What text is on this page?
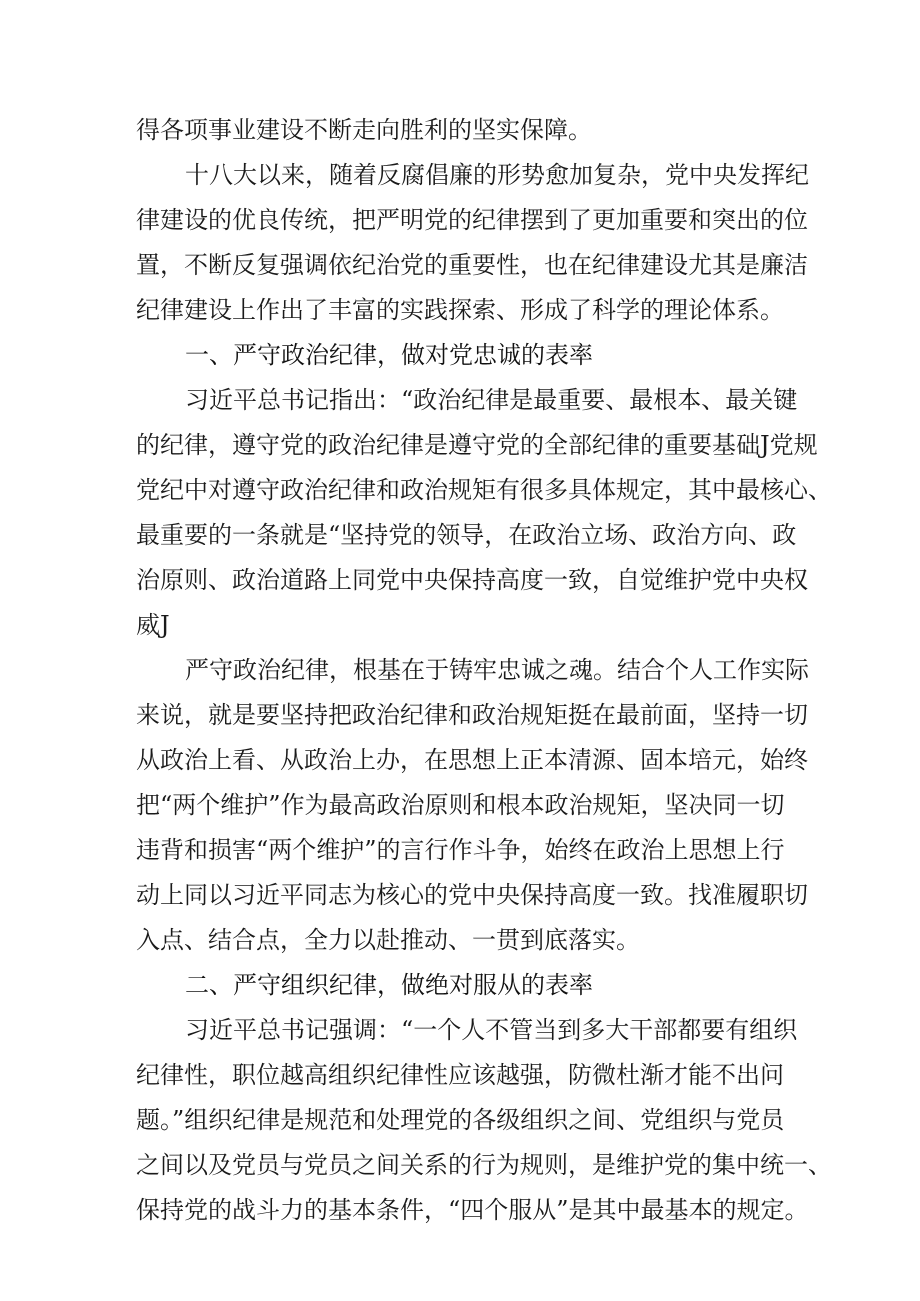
得各项事业建设不断走向胜利的坚实保障。
十八大以来，随着反腐倡廉的形势愈加复杂，党中央发挥纪
律建设的优良传统，把严明党的纪律摆到了更加重要和突出的位
置，不断反复强调依纪治党的重要性，也在纪律建设尤其是廉洁
纪律建设上作出了丰富的实践探索、形成了科学的理论体系。
一、严守政治纪律，做对党忠诚的表率
习近平总书记指出：“政治纪律是最重要、最根本、最关键
的纪律，遵守党的政治纪律是遵守党的全部纪律的重要基础J党规
党纪中对遵守政治纪律和政治规矩有很多具体规定，其中最核心、
最重要的一条就是“坚持党的领导，在政治立场、政治方向、政
治原则、政治道路上同党中央保持高度一致，自觉维护党中央权
威J
严守政治纪律，根基在于铸牢忠诚之魂。结合个人工作实际
来说，就是要坚持把政治纪律和政治规矩挺在最前面，坚持一切
从政治上看、从政治上办，在思想上正本清源、固本培元，始终
把“两个维护”作为最高政治原则和根本政治规矩，坚决同一切
违背和损害“两个维护”的言行作斗争，始终在政治上思想上行
动上同以习近平同志为核心的党中央保持高度一致。找准履职切
入点、结合点，全力以赴推动、一贯到底落实。
二、严守组织纪律，做绝对服从的表率
习近平总书记强调：“一个人不管当到多大干部都要有组织
纪律性，职位越高组织纪律性应该越强，防微杜渐才能不出问
题。”组织纪律是规范和处理党的各级组织之间、党组织与党员
之间以及党员与党员之间关系的行为规则，是维护党的集中统一、
保持党的战斗力的基本条件，“四个服从”是其中最基本的规定。
